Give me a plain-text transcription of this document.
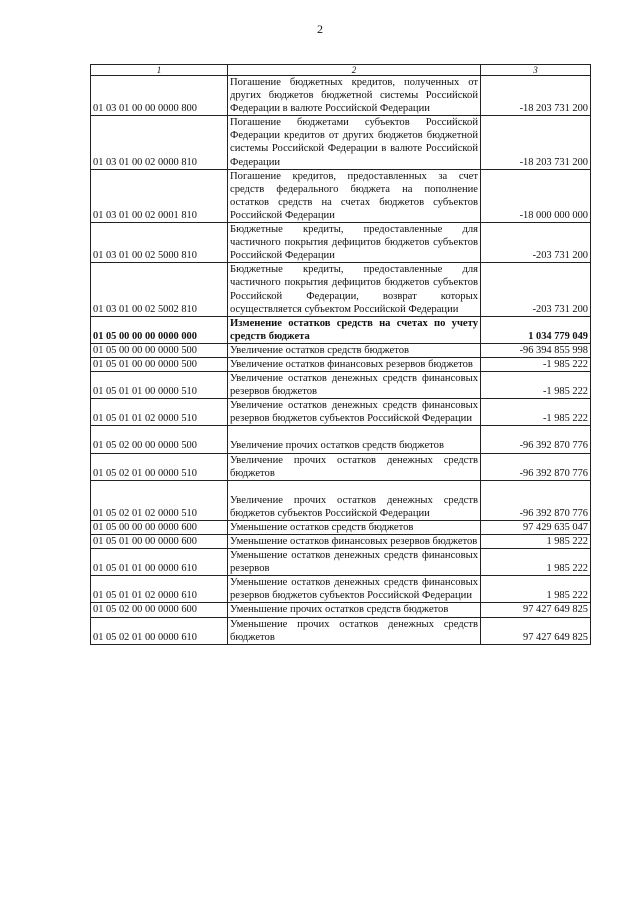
2
1	2	3
01 03 01 00 00 0000 800	Погашение бюджетных кредитов, полученных от других бюджетов бюджетной системы Российской Федерации в валюте Российской Федерации	-18 203 731 200
01 03 01 00 02 0000 810	Погашение бюджетами субъектов Российской Федерации кредитов от других бюджетов бюджетной системы Российской Федерации в валюте Российской Федерации	-18 203 731 200
01 03 01 00 02 0001 810	Погашение кредитов, предоставленных за счет средств федерального бюджета на пополнение остатков средств на счетах бюджетов субъектов Российской Федерации	-18 000 000 000
01 03 01 00 02 5000 810	Бюджетные кредиты, предоставленные для частичного покрытия дефицитов бюджетов субъектов Российской Федерации	-203 731 200
01 03 01 00 02 5002 810	Бюджетные кредиты, предоставленные для частичного покрытия дефицитов бюджетов субъектов Российской Федерации, возврат которых осуществляется субъектом Российской Федерации	-203 731 200
01 05 00 00 00 0000 000	Изменение остатков средств на счетах по учету средств бюджета	1 034 779 049
01 05 00 00 00 0000 500	Увеличение остатков средств бюджетов	-96 394 855 998
01 05 01 00 00 0000 500	Увеличение остатков финансовых резервов бюджетов	-1 985 222
01 05 01 01 00 0000 510	Увеличение остатков денежных средств финансовых резервов бюджетов	-1 985 222
01 05 01 01 02 0000 510	Увеличение остатков денежных средств финансовых резервов бюджетов субъектов Российской Федерации	-1 985 222
01 05 02 00 00 0000 500	Увеличение прочих остатков средств бюджетов	-96 392 870 776
01 05 02 01 00 0000 510	Увеличение прочих остатков денежных средств бюджетов	-96 392 870 776
01 05 02 01 02 0000 510	Увеличение прочих остатков денежных средств бюджетов субъектов Российской Федерации	-96 392 870 776
01 05 00 00 00 0000 600	Уменьшение остатков средств бюджетов	97 429 635 047
01 05 01 00 00 0000 600	Уменьшение остатков финансовых резервов бюджетов	1 985 222
01 05 01 01 00 0000 610	Уменьшение остатков денежных средств финансовых резервов	1 985 222
01 05 01 01 02 0000 610	Уменьшение остатков денежных средств финансовых резервов бюджетов субъектов Российской Федерации	1 985 222
01 05 02 00 00 0000 600	Уменьшение прочих остатков средств бюджетов	97 427 649 825
01 05 02 01 00 0000 610	Уменьшение прочих остатков денежных средств бюджетов	97 427 649 825
